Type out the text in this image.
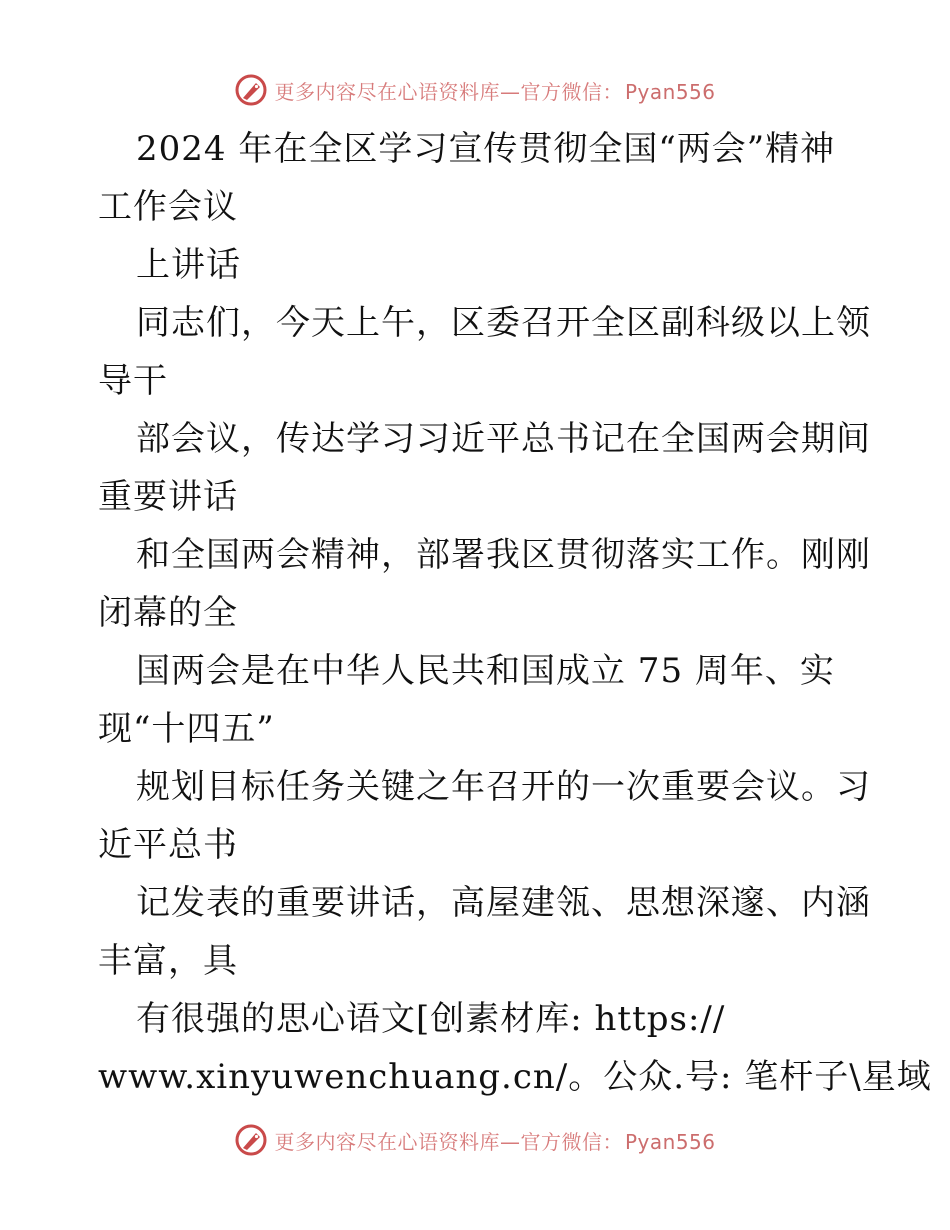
更多内容尽在心语资料库—官方微信： Pyan556
2024 年在全区学习宣传贯彻全国“两会”精神
工作会议
上讲话
同志们，今天上午，区委召开全区副科级以上领
导干
部会议，传达学习习近平总书记在全国两会期间
重要讲话
和全国两会精神，部署我区贯彻落实工作。刚刚
闭幕的全
国两会是在中华人民共和国成立 75 周年、实
现“十四五”
规划目标任务关键之年召开的一次重要会议。习
近平总书
记发表的重要讲话，高屋建瓴、思想深邃、内涵
丰富，具
有很强的思心语文[创素材库: https://
www.xinyuwenchuang.cn/。公众.号: 笔杆子\星域
更多内容尽在心语资料库—官方微信： Pyan556
